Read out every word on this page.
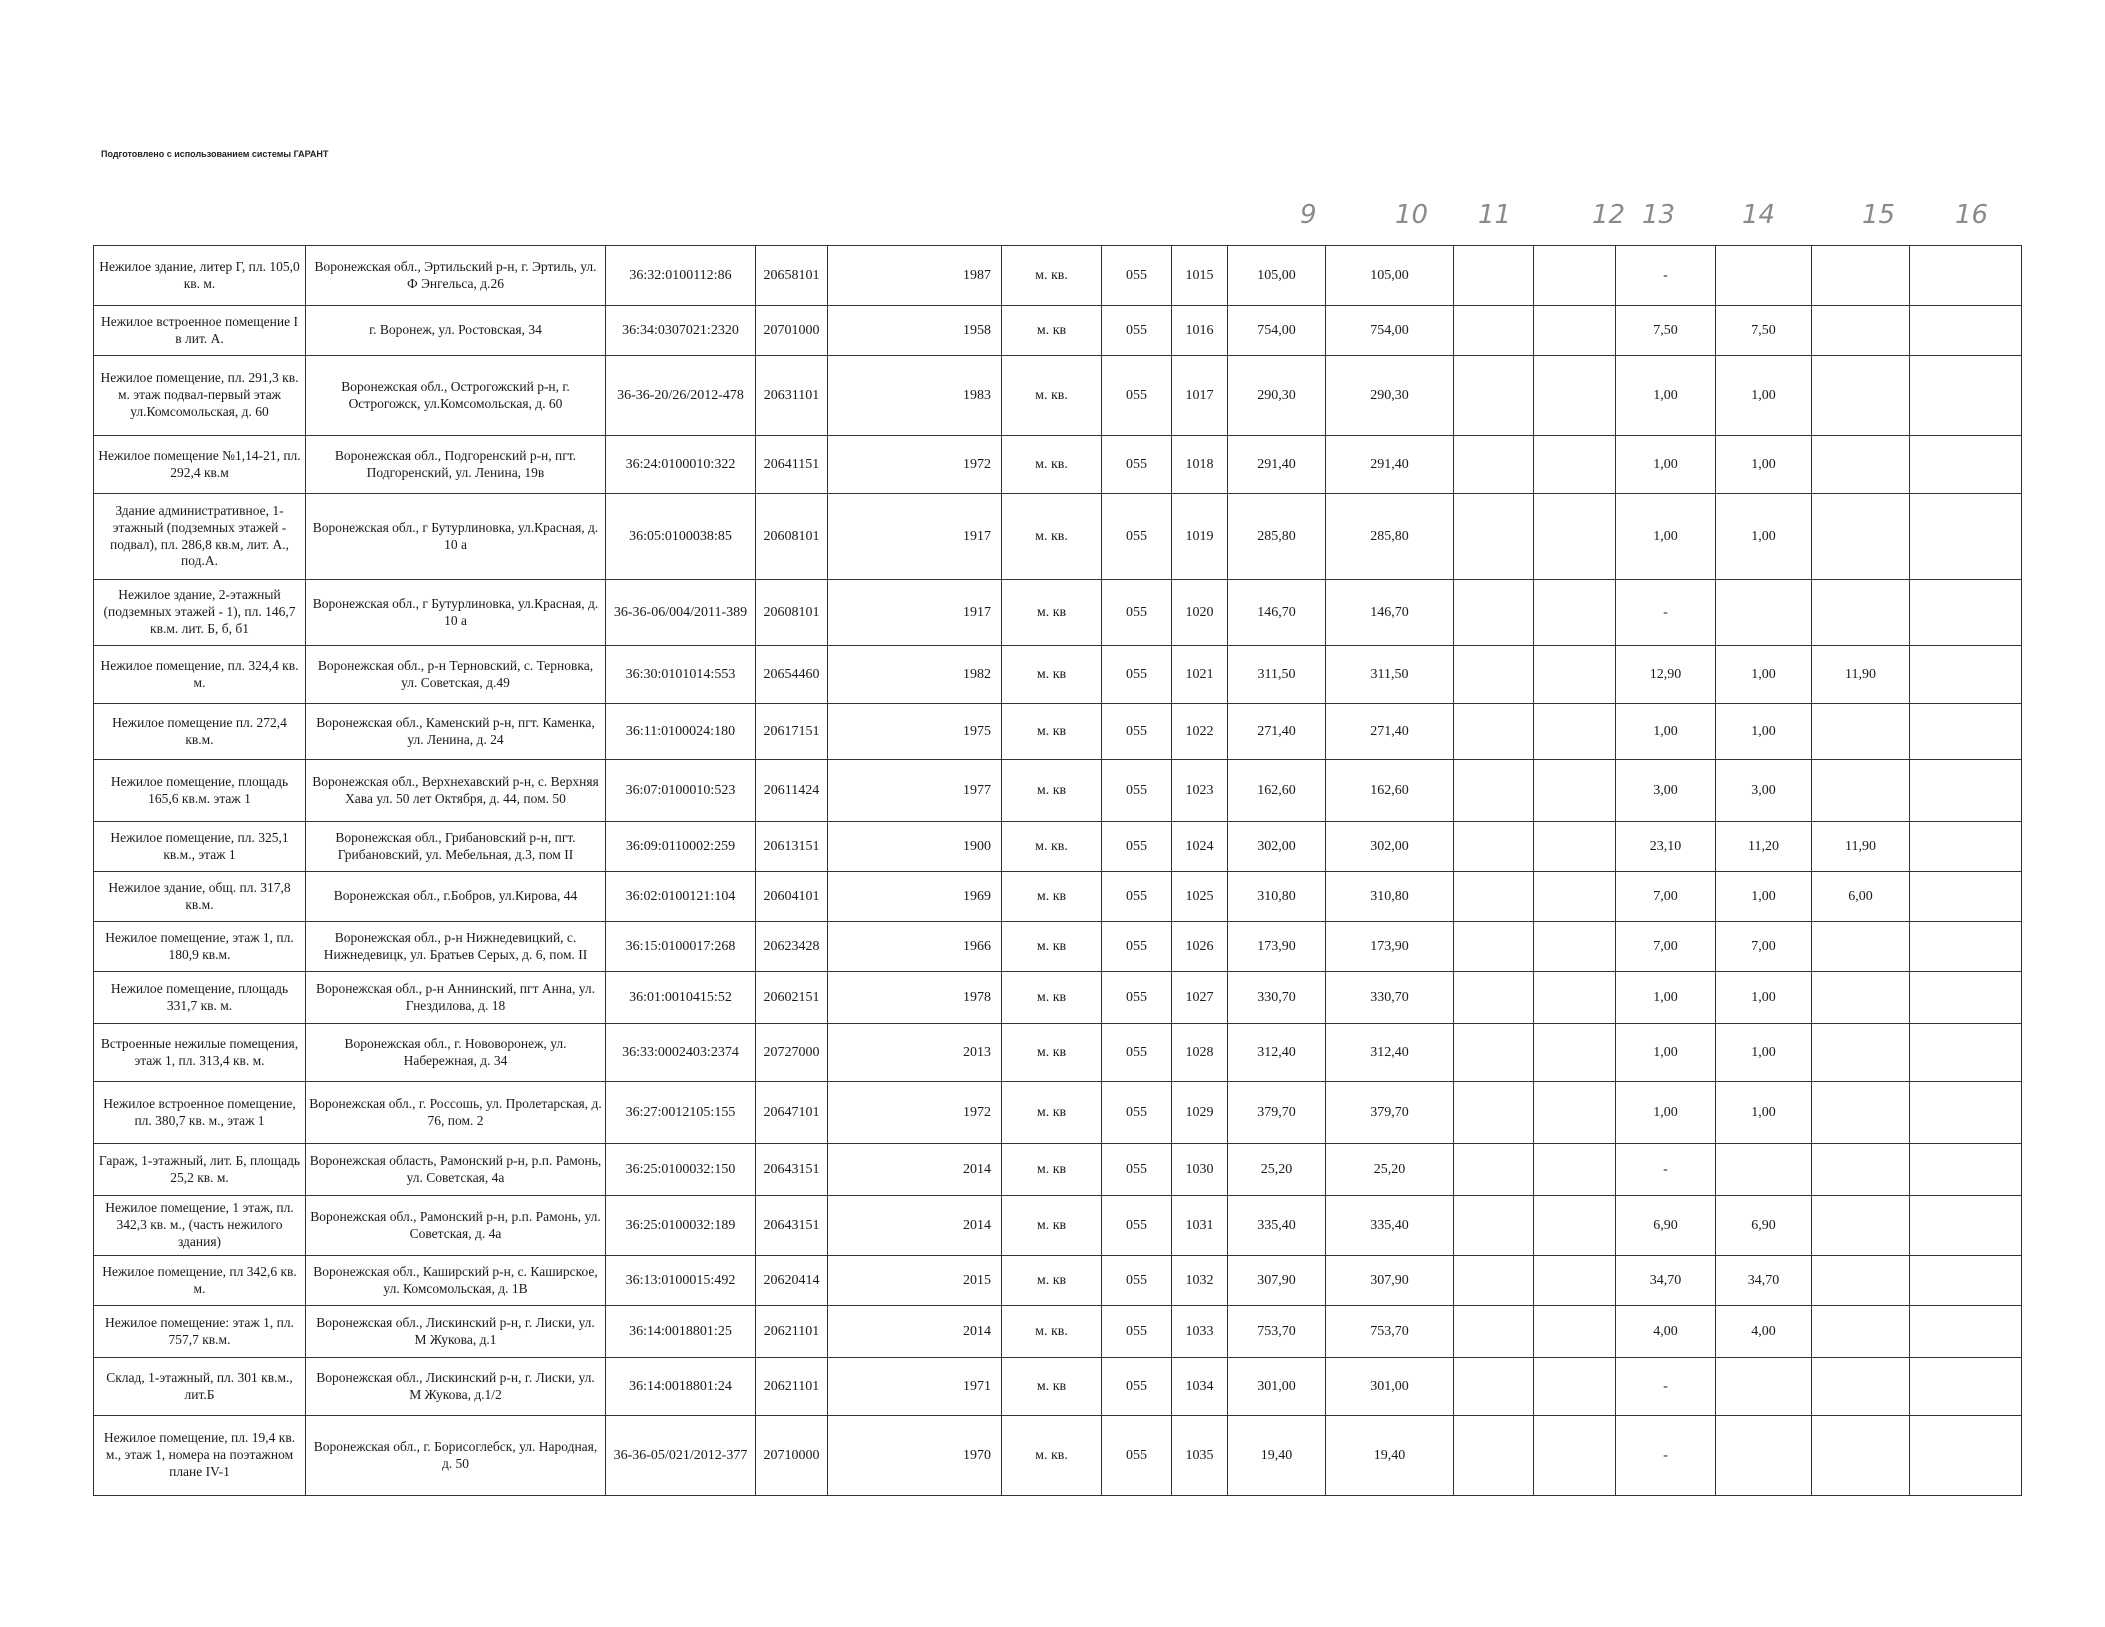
Подготовлено с использованием системы ГАРАНТ
9	10 11	12 13	14	15 16
Нежилое здание, литер Г, пл. 105,0 кв. м.	Воронежская обл., Эртильский р-н, г. Эртиль, ул. Ф Энгельса, д.26	36:32:0100112:86	20658101	1987	м. кв.	055	1015	105,00	105,00			-			
Нежилое встроенное помещение I в лит. А.	г. Воронеж, ул. Ростовская, 34	36:34:0307021:2320	20701000	1958	м. кв	055	1016	754,00	754,00			7,50	7,50		
Нежилое помещение, пл. 291,3 кв. м. этаж подвал-первый этаж ул.Комсомольская, д. 60	Воронежская обл., Острогожский р-н, г. Острогожск, ул.Комсомольская, д. 60	36-36-20/26/2012-478	20631101	1983	м. кв.	055	1017	290,30	290,30			1,00	1,00		
Нежилое помещение №1,14-21, пл. 292,4 кв.м	Воронежская обл., Подгоренский р-н, пгт. Подгоренский, ул. Ленина, 19в	36:24:0100010:322	20641151	1972	м. кв.	055	1018	291,40	291,40			1,00	1,00		
Здание административное, 1-этажный (подземных этажей - подвал), пл. 286,8 кв.м, лит. А., под.А.	Воронежская обл., г Бутурлиновка, ул.Красная, д. 10 а	36:05:0100038:85	20608101	1917	м. кв.	055	1019	285,80	285,80			1,00	1,00		
Нежилое здание, 2-этажный (подземных этажей - 1), пл. 146,7 кв.м. лит. Б, б, б1	Воронежская обл., г Бутурлиновка, ул.Красная, д. 10 а	36-36-06/004/2011-389	20608101	1917	м. кв	055	1020	146,70	146,70			-			
Нежилое помещение, пл. 324,4 кв. м.	Воронежская обл., р-н Терновский, с. Терновка, ул. Советская, д.49	36:30:0101014:553	20654460	1982	м. кв	055	1021	311,50	311,50			12,90	1,00	11,90	
Нежилое помещение пл. 272,4 кв.м.	Воронежская обл., Каменский р-н, пгт. Каменка, ул. Ленина, д. 24	36:11:0100024:180	20617151	1975	м. кв	055	1022	271,40	271,40			1,00	1,00		
Нежилое помещение, площадь 165,6 кв.м. этаж 1	Воронежская обл., Верхнехавский р-н, с. Верхняя Хава ул. 50 лет Октября, д. 44, пом. 50	36:07:0100010:523	20611424	1977	м. кв	055	1023	162,60	162,60			3,00	3,00		
Нежилое помещение, пл. 325,1 кв.м., этаж 1	Воронежская обл., Грибановский р-н, пгт. Грибановский, ул. Мебельная, д.3, пом II	36:09:0110002:259	20613151	1900	м. кв.	055	1024	302,00	302,00			23,10	11,20	11,90	
Нежилое здание, общ. пл. 317,8 кв.м.	Воронежская обл., г.Бобров, ул.Кирова, 44	36:02:0100121:104	20604101	1969	м. кв	055	1025	310,80	310,80			7,00	1,00	6,00	
Нежилое помещение, этаж 1, пл. 180,9 кв.м.	Воронежская обл., р-н Нижнедевицкий, с. Нижнедевицк, ул. Братьев Серых, д. 6, пом. II	36:15:0100017:268	20623428	1966	м. кв	055	1026	173,90	173,90			7,00	7,00		
Нежилое помещение, площадь 331,7 кв. м.	Воронежская обл., р-н Аннинский, пгт Анна, ул. Гнездилова, д. 18	36:01:0010415:52	20602151	1978	м. кв	055	1027	330,70	330,70			1,00	1,00		
Встроенные нежилые помещения, этаж 1, пл. 313,4 кв. м.	Воронежская обл., г. Нововоронеж, ул. Набережная, д. 34	36:33:0002403:2374	20727000	2013	м. кв	055	1028	312,40	312,40			1,00	1,00		
Нежилое встроенное помещение, пл. 380,7 кв. м., этаж 1	Воронежская обл., г. Россошь, ул. Пролетарская, д. 76, пом. 2	36:27:0012105:155	20647101	1972	м. кв	055	1029	379,70	379,70			1,00	1,00		
Гараж, 1-этажный, лит. Б, площадь 25,2 кв. м.	Воронежская область, Рамонский р-н, р.п. Рамонь, ул. Советская, 4а	36:25:0100032:150	20643151	2014	м. кв	055	1030	25,20	25,20			-			
Нежилое помещение, 1 этаж, пл. 342,3 кв. м., (часть нежилого здания)	Воронежская обл., Рамонский р-н, р.п. Рамонь, ул. Советская, д. 4а	36:25:0100032:189	20643151	2014	м. кв	055	1031	335,40	335,40			6,90	6,90		
Нежилое помещение, пл 342,6 кв. м.	Воронежская обл., Каширский р-н, с. Каширское, ул. Комсомольская, д. 1В	36:13:0100015:492	20620414	2015	м. кв	055	1032	307,90	307,90			34,70	34,70		
Нежилое помещение: этаж 1, пл. 757,7 кв.м.	Воронежская обл., Лискинский р-н, г. Лиски, ул. М Жукова, д.1	36:14:0018801:25	20621101	2014	м. кв.	055	1033	753,70	753,70			4,00	4,00		
Склад, 1-этажный, пл. 301 кв.м., лит.Б	Воронежская обл., Лискинский р-н, г. Лиски, ул. М Жукова, д.1/2	36:14:0018801:24	20621101	1971	м. кв	055	1034	301,00	301,00			-			
Нежилое помещение, пл. 19,4 кв. м., этаж 1, номера на поэтажном плане IV-1	Воронежская обл., г. Борисоглебск, ул. Народная, д. 50	36-36-05/021/2012-377	20710000	1970	м. кв.	055	1035	19,40	19,40			-			
